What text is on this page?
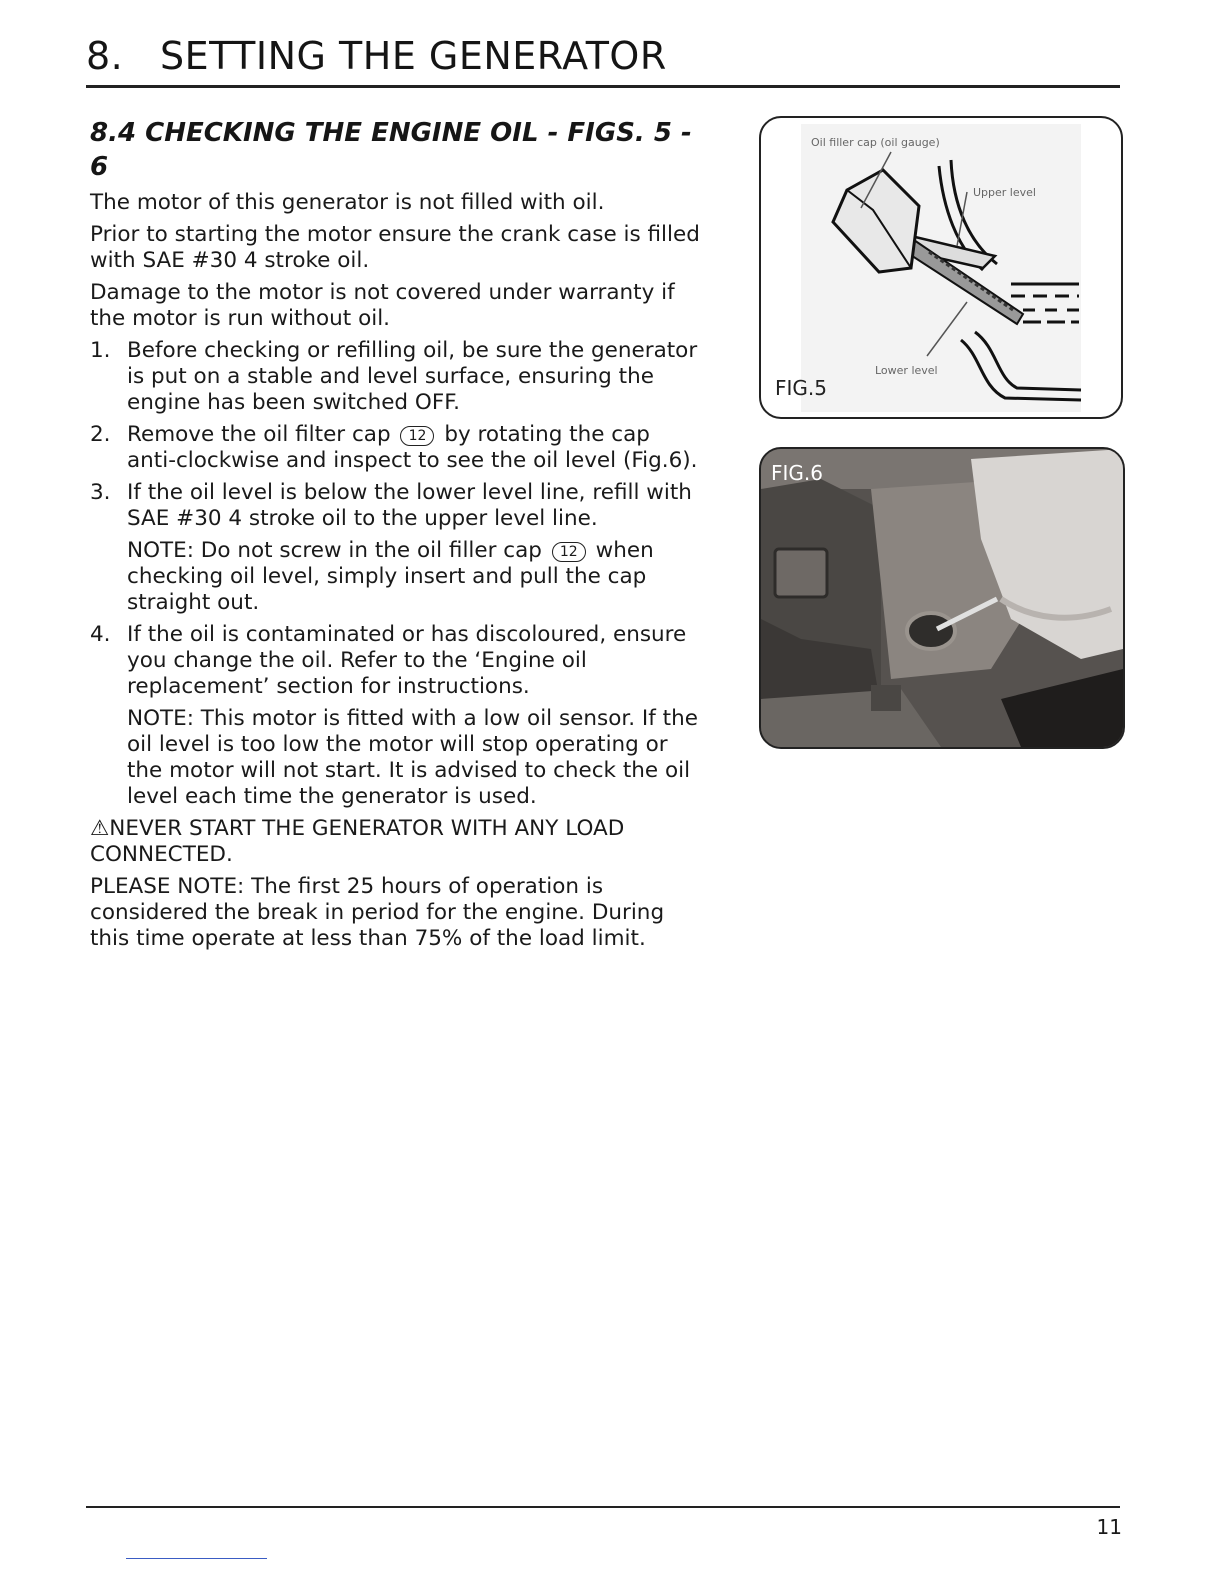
8. SETTING THE GENERATOR
8.4 CHECKING THE ENGINE OIL - FIGS. 5 - 6

The motor of this generator is not filled with oil.

Prior to starting the motor ensure the crank case is filled with SAE #30 4 stroke oil.

Damage to the motor is not covered under warranty if the motor is run without oil.

1. Before checking or refilling oil, be sure the generator is put on a stable and level surface, ensuring the engine has been switched OFF.
2. Remove the oil filter cap 12 by rotating the cap anti-clockwise and inspect to see the oil level (Fig.6).
3. If the oil level is below the lower level line, refill with SAE #30 4 stroke oil to the upper level line.
NOTE: Do not screw in the oil filler cap 12 when checking oil level, simply insert and pull the cap straight out.
4. If the oil is contaminated or has discoloured, ensure you change the oil. Refer to the ‘Engine oil replacement’ section for instructions.
NOTE: This motor is fitted with a low oil sensor. If the oil level is too low the motor will stop operating or the motor will not start. It is advised to check the oil level each time the generator is used.

⚠NEVER START THE GENERATOR WITH ANY LOAD CONNECTED.

PLEASE NOTE: The first 25 hours of operation is considered the break in period for the engine. During this time operate at less than 75% of the load limit.

Oil filler cap (oil gauge)
Upper level
Lower level
FIG.5
FIG.6
11
